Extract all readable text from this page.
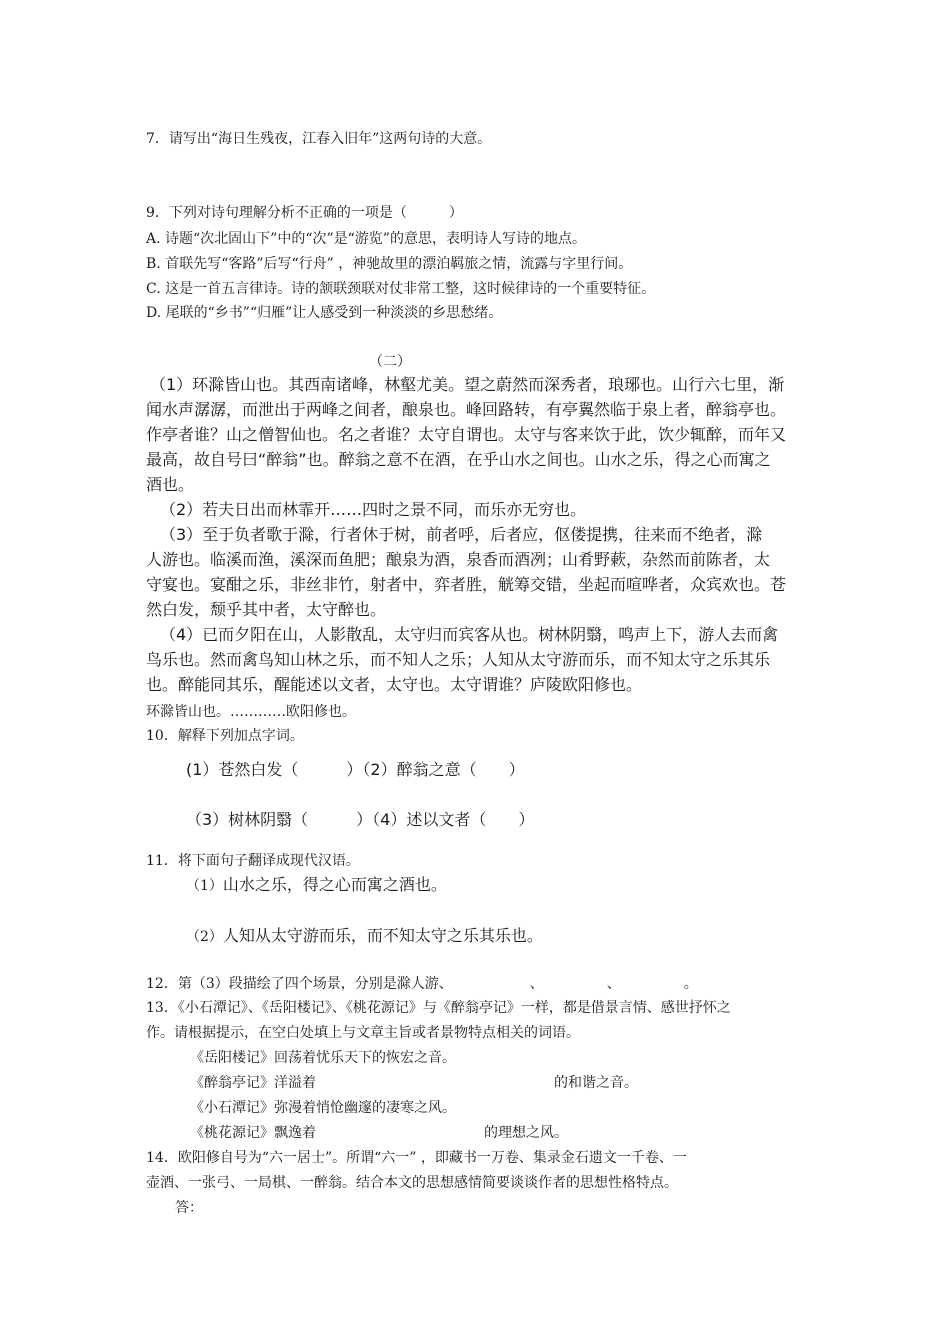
7．请写出“海日生残夜，江春入旧年”这两句诗的大意。
9．下列对诗句理解分析不正确的一项是（　　　）
A. 诗题“次北固山下”中的“次”是“游览”的意思，表明诗人写诗的地点。
B. 首联先写“客路”后写“行舟” ，神驰故里的漂泊羁旅之情，流露与字里行间。
C. 这是一首五言律诗。诗的颔联颈联对仗非常工整，这时候律诗的一个重要特征。
D. 尾联的“乡书”“归雁”让人感受到一种淡淡的乡思愁绪。
（二）
（1）环滁皆山也。其西南诸峰，林壑尤美。望之蔚然而深秀者，琅琊也。山行六七里，渐
闻水声潺潺，而泄出于两峰之间者，酿泉也。峰回路转，有亭翼然临于泉上者，醉翁亭也。
作亭者谁？山之僧智仙也。名之者谁？太守自谓也。太守与客来饮于此，饮少辄醉，而年又
最高，故自号曰“醉翁”也。醉翁之意不在酒，在乎山水之间也。山水之乐，得之心而寓之
酒也。
（2）若夫日出而林霏开……四时之景不同，而乐亦无穷也。
（3）至于负者歌于滁，行者休于树，前者呼，后者应，伛偻提携，往来而不绝者，滁
人游也。临溪而渔，溪深而鱼肥；酿泉为酒，泉香而酒冽；山肴野蔌，杂然而前陈者，太
守宴也。宴酣之乐，非丝非竹，射者中，弈者胜，觥筹交错，坐起而喧哗者，众宾欢也。苍
然白发，颓乎其中者，太守醉也。
（4）已而夕阳在山，人影散乱，太守归而宾客从也。树林阴翳，鸣声上下，游人去而禽
鸟乐也。然而禽鸟知山林之乐，而不知人之乐；人知从太守游而乐，而不知太守之乐其乐
也。醉能同其乐，醒能述以文者，太守也。太守谓谁？庐陵欧阳修也。
环滁皆山也。…………欧阳修也。
10．解释下列加点字词。
(1）苍然白发（　　　）（2）醉翁之意（　　）
（3）树林阴翳（　　　）（4）述以文者（　　）
11．将下面句子翻译成现代汉语。
（1）山水之乐，得之心而寓之酒也。
（2）人知从太守游而乐，而不知太守之乐其乐也。
12．第（3）段描绘了四个场景，分别是滁人游、　　　　　　、　　　　　、　　　　　。
13．《小石潭记》、《岳阳楼记》、《桃花源记》与《醉翁亭记》一样，都是借景言情、感世抒怀之
作。请根据提示，在空白处填上与文章主旨或者景物特点相关的词语。
《岳阳楼记》回荡着忧乐天下的恢宏之音。
《醉翁亭记》洋溢着　　　　　　　　　　　　　　　　　的和谐之音。
《小石潭记》弥漫着悄怆幽邃的凄寒之风。
《桃花源记》飘逸着　　　　　　　　　　　　的理想之风。
14．欧阳修自号为“六一居士”。所谓“六一” ，即藏书一万卷、集录金石遗文一千卷、一
壶酒、一张弓、一局棋、一醉翁。结合本文的思想感情简要谈谈作者的思想性格特点。
答：
